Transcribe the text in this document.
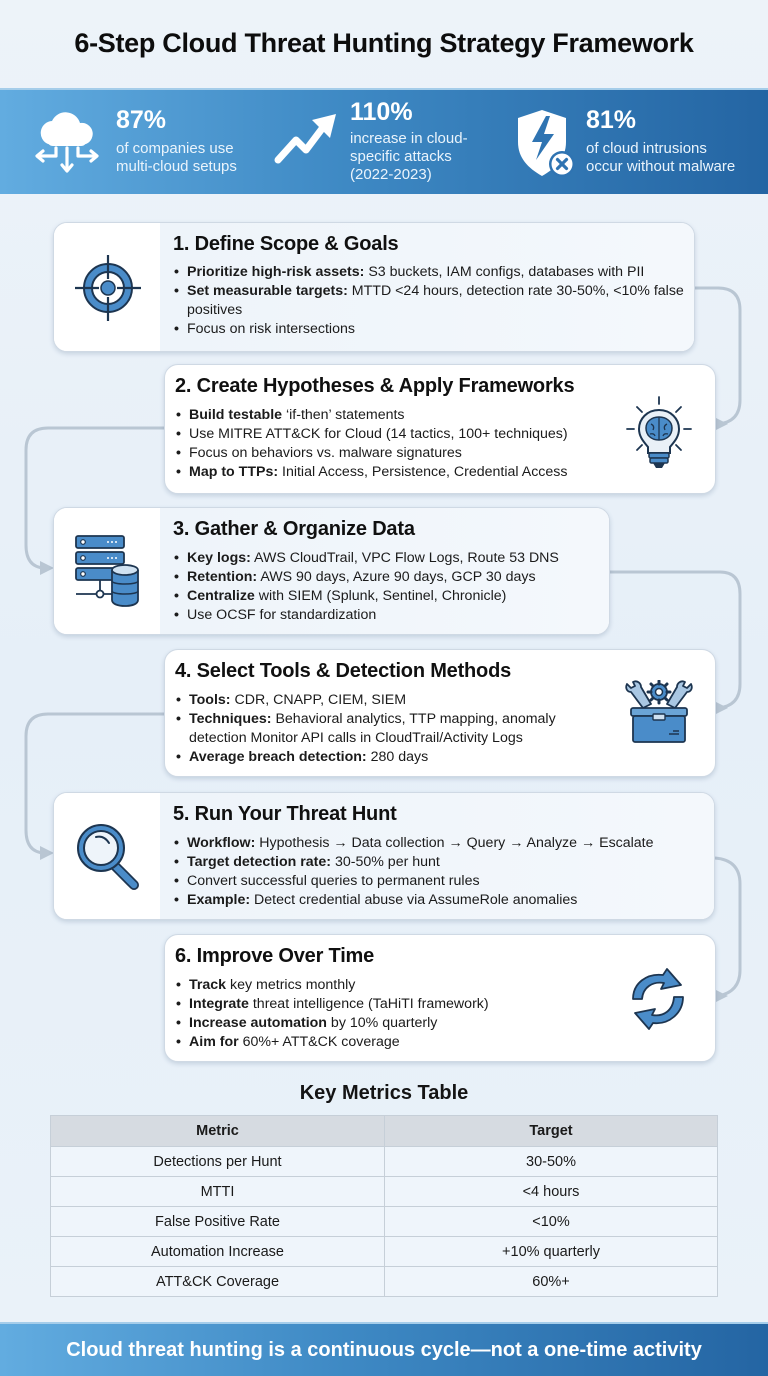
6-Step Cloud Threat Hunting Strategy Framework
87%
of companies use
multi-cloud setups
110%
increase in cloud-
specific attacks
(2022-2023)
81%
of cloud intrusions
occur without malware
1. Define Scope & Goals
• Prioritize high-risk assets: S3 buckets, IAM configs, databases with PII
• Set measurable targets: MTTD <24 hours, detection rate 30-50%, <10% false positives
• Focus on risk intersections
2. Create Hypotheses & Apply Frameworks
• Build testable ‘if-then’ statements
• Use MITRE ATT&CK for Cloud (14 tactics, 100+ techniques)
• Focus on behaviors vs. malware signatures
• Map to TTPs: Initial Access, Persistence, Credential Access
3. Gather & Organize Data
• Key logs: AWS CloudTrail, VPC Flow Logs, Route 53 DNS
• Retention: AWS 90 days, Azure 90 days, GCP 30 days
• Centralize with SIEM (Splunk, Sentinel, Chronicle)
• Use OCSF for standardization
4. Select Tools & Detection Methods
• Tools: CDR, CNAPP, CIEM, SIEM
• Techniques: Behavioral analytics, TTP mapping, anomaly detection Monitor API calls in CloudTrail/Activity Logs
• Average breach detection: 280 days
5. Run Your Threat Hunt
• Workflow: Hypothesis → Data collection → Query → Analyze → Escalate
• Target detection rate: 30-50% per hunt
• Convert successful queries to permanent rules
• Example: Detect credential abuse via AssumeRole anomalies
6. Improve Over Time
• Track key metrics monthly
• Integrate threat intelligence (TaHiTI framework)
• Increase automation by 10% quarterly
• Aim for 60%+ ATT&CK coverage
Key Metrics Table
Metric	Target
Detections per Hunt	30-50%
MTTI	<4 hours
False Positive Rate	<10%
Automation Increase	+10% quarterly
ATT&CK Coverage	60%+
Cloud threat hunting is a continuous cycle—not a one-time activity
